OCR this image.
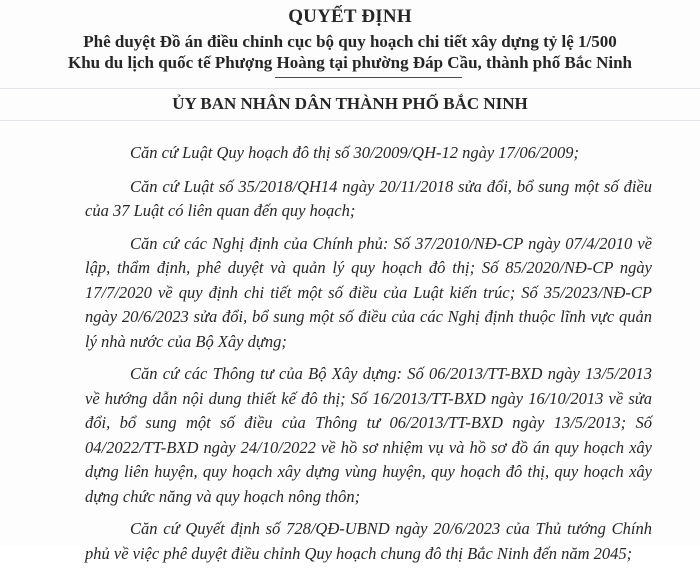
QUYẾT ĐỊNH
Phê duyệt Đồ án điều chỉnh cục bộ quy hoạch chi tiết xây dựng tỷ lệ 1/500
Khu du lịch quốc tế Phượng Hoàng tại phường Đáp Cầu, thành phố Bắc Ninh
ỦY BAN NHÂN DÂN THÀNH PHỐ BẮC NINH

Căn cứ Luật Quy hoạch đô thị số 30/2009/QH-12 ngày 17/06/2009;

Căn cứ Luật số 35/2018/QH14 ngày 20/11/2018 sửa đổi, bổ sung một số điều của 37 Luật có liên quan đến quy hoạch;

Căn cứ các Nghị định của Chính phủ: Số 37/2010/NĐ-CP ngày 07/4/2010 về lập, thẩm định, phê duyệt và quản lý quy hoạch đô thị; Số 85/2020/NĐ-CP ngày 17/7/2020 về quy định chi tiết một số điều của Luật kiến trúc; Số 35/2023/NĐ-CP ngày 20/6/2023 sửa đổi, bổ sung một số điều của các Nghị định thuộc lĩnh vực quản lý nhà nước của Bộ Xây dựng;

Căn cứ các Thông tư của Bộ Xây dựng: Số 06/2013/TT-BXD ngày 13/5/2013 về hướng dẫn nội dung thiết kế đô thị; Số 16/2013/TT-BXD ngày 16/10/2013 về sửa đổi, bổ sung một số điều của Thông tư 06/2013/TT-BXD ngày 13/5/2013; Số 04/2022/TT-BXD ngày 24/10/2022 về hồ sơ nhiệm vụ và hồ sơ đồ án quy hoạch xây dựng liên huyện, quy hoạch xây dựng vùng huyện, quy hoạch đô thị, quy hoạch xây dựng chức năng và quy hoạch nông thôn;

Căn cứ Quyết định số 728/QĐ-UBND ngày 20/6/2023 của Thủ tướng Chính phủ về việc phê duyệt điều chỉnh Quy hoạch chung đô thị Bắc Ninh đến năm 2045;
